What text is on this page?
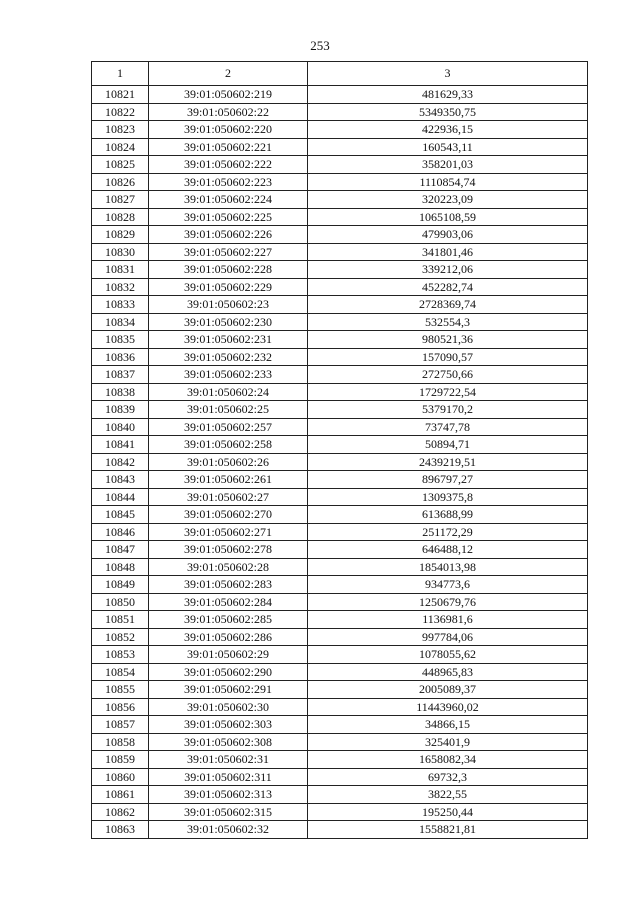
253
1	2	3
10821	39:01:050602:219	481629,33
10822	39:01:050602:22	5349350,75
10823	39:01:050602:220	422936,15
10824	39:01:050602:221	160543,11
10825	39:01:050602:222	358201,03
10826	39:01:050602:223	1110854,74
10827	39:01:050602:224	320223,09
10828	39:01:050602:225	1065108,59
10829	39:01:050602:226	479903,06
10830	39:01:050602:227	341801,46
10831	39:01:050602:228	339212,06
10832	39:01:050602:229	452282,74
10833	39:01:050602:23	2728369,74
10834	39:01:050602:230	532554,3
10835	39:01:050602:231	980521,36
10836	39:01:050602:232	157090,57
10837	39:01:050602:233	272750,66
10838	39:01:050602:24	1729722,54
10839	39:01:050602:25	5379170,2
10840	39:01:050602:257	73747,78
10841	39:01:050602:258	50894,71
10842	39:01:050602:26	2439219,51
10843	39:01:050602:261	896797,27
10844	39:01:050602:27	1309375,8
10845	39:01:050602:270	613688,99
10846	39:01:050602:271	251172,29
10847	39:01:050602:278	646488,12
10848	39:01:050602:28	1854013,98
10849	39:01:050602:283	934773,6
10850	39:01:050602:284	1250679,76
10851	39:01:050602:285	1136981,6
10852	39:01:050602:286	997784,06
10853	39:01:050602:29	1078055,62
10854	39:01:050602:290	448965,83
10855	39:01:050602:291	2005089,37
10856	39:01:050602:30	11443960,02
10857	39:01:050602:303	34866,15
10858	39:01:050602:308	325401,9
10859	39:01:050602:31	1658082,34
10860	39:01:050602:311	69732,3
10861	39:01:050602:313	3822,55
10862	39:01:050602:315	195250,44
10863	39:01:050602:32	1558821,81
